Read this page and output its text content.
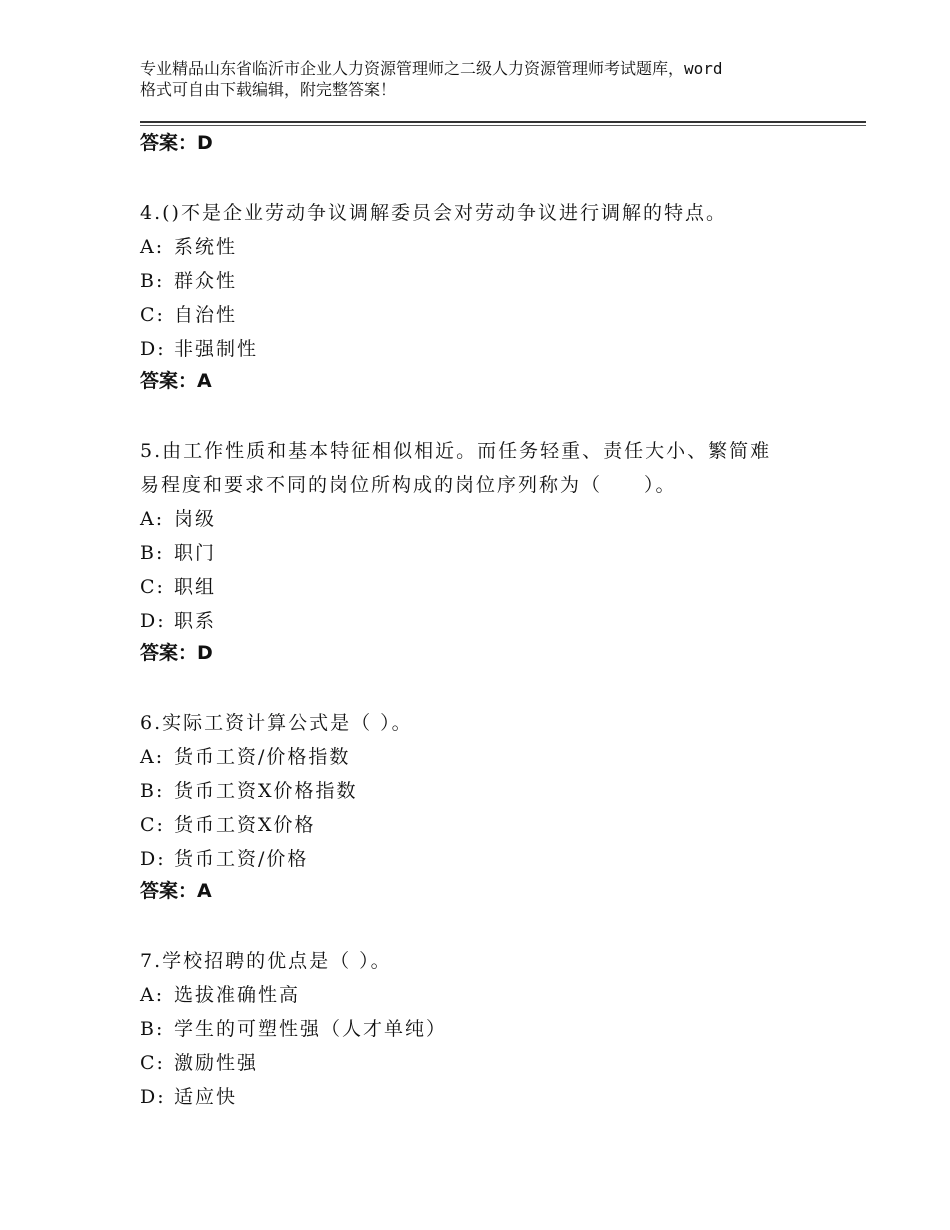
专业精品山东省临沂市企业人力资源管理师之二级人力资源管理师考试题库，word
格式可自由下载编辑，附完整答案！

答案：D

4.()不是企业劳动争议调解委员会对劳动争议进行调解的特点。

A: 系统性

B: 群众性

C: 自治性

D: 非强制性

答案：A

5.由工作性质和基本特征相似相近。而任务轻重、责任大小、繁简难

易程度和要求不同的岗位所构成的岗位序列称为（　　）。

A: 岗级

B: 职门

C: 职组

D: 职系

答案：D

6.实际工资计算公式是（ ）。

A: 货币工资/价格指数

B: 货币工资X价格指数

C: 货币工资X价格

D: 货币工资/价格

答案：A

7.学校招聘的优点是（ ）。

A: 选拔准确性高

B: 学生的可塑性强（人才单纯）

C: 激励性强

D: 适应快
